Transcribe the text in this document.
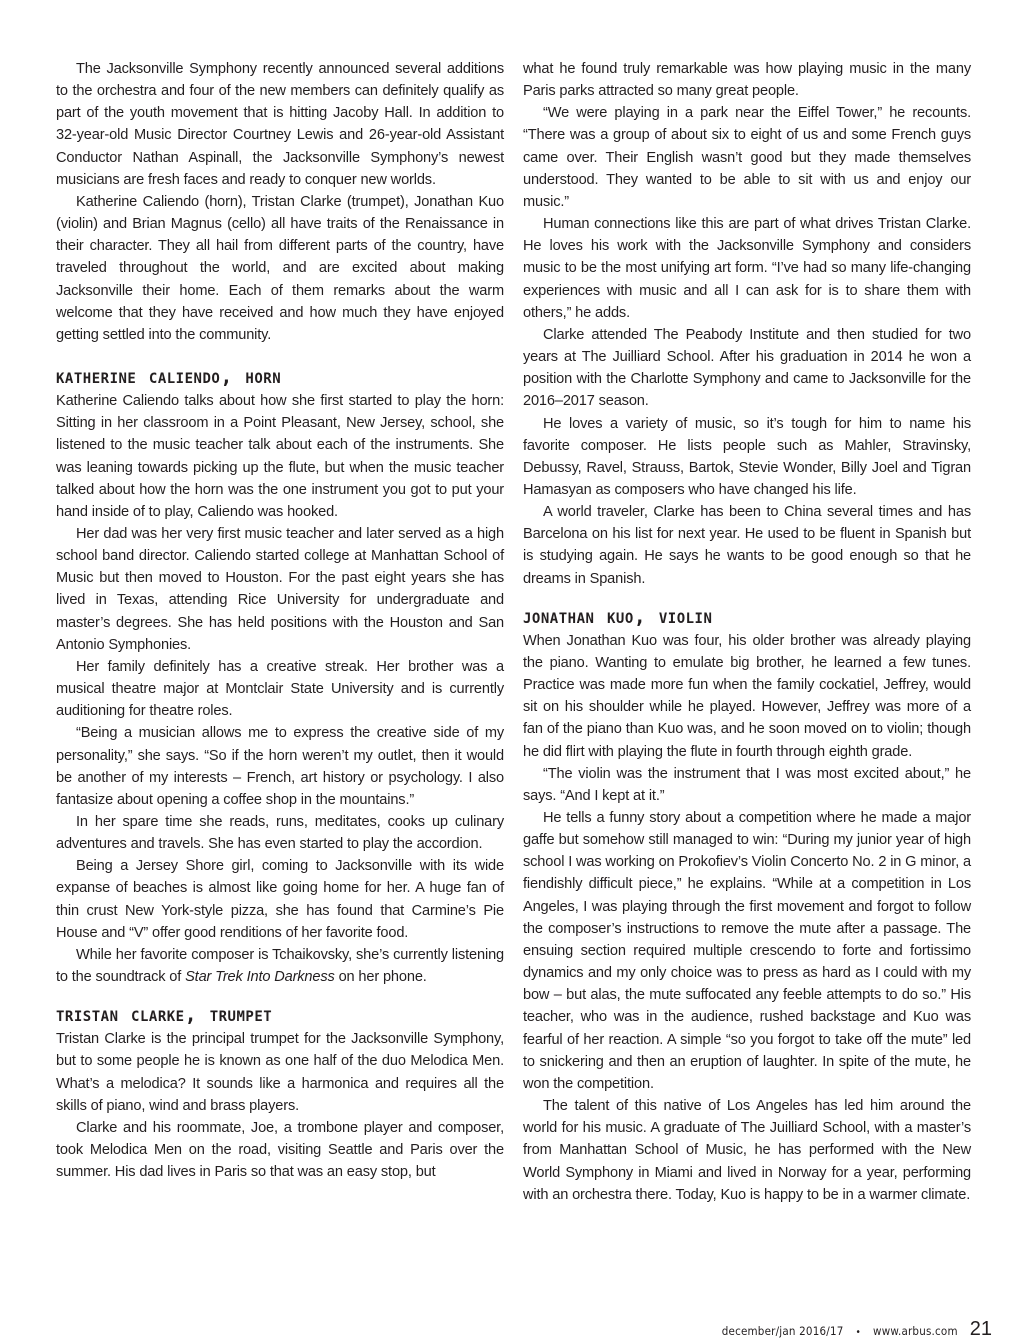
The Jacksonville Symphony recently announced several additions to the orchestra and four of the new members can definitely qualify as part of the youth movement that is hitting Jacoby Hall. In addition to 32-year-old Music Director Courtney Lewis and 26-year-old Assistant Conductor Nathan Aspinall, the Jacksonville Symphony’s newest musicians are fresh faces and ready to conquer new worlds.

Katherine Caliendo (horn), Tristan Clarke (trumpet), Jonathan Kuo (violin) and Brian Magnus (cello) all have traits of the Renaissance in their character. They all hail from different parts of the country, have traveled throughout the world, and are excited about making Jacksonville their home. Each of them remarks about the warm welcome that they have received and how much they have enjoyed getting settled into the community.

katherine caliendo, horn

Katherine Caliendo talks about how she first started to play the horn: Sitting in her classroom in a Point Pleasant, New Jersey, school, she listened to the music teacher talk about each of the instruments. She was leaning towards picking up the flute, but when the music teacher talked about how the horn was the one instrument you got to put your hand inside of to play, Caliendo was hooked.

Her dad was her very first music teacher and later served as a high school band director. Caliendo started college at Manhattan School of Music but then moved to Houston. For the past eight years she has lived in Texas, attending Rice University for undergraduate and master’s degrees. She has held positions with the Houston and San Antonio Symphonies.

Her family definitely has a creative streak. Her brother was a musical theatre major at Montclair State University and is currently auditioning for theatre roles.

“Being a musician allows me to express the creative side of my personality,” she says. “So if the horn weren’t my outlet, then it would be another of my interests – French, art history or psychology. I also fantasize about opening a coffee shop in the mountains.”

In her spare time she reads, runs, meditates, cooks up culinary adventures and travels. She has even started to play the accordion.

Being a Jersey Shore girl, coming to Jacksonville with its wide expanse of beaches is almost like going home for her. A huge fan of thin crust New York-style pizza, she has found that Carmine’s Pie House and “V” offer good renditions of her favorite food.

While her favorite composer is Tchaikovsky, she’s currently listening to the soundtrack of Star Trek Into Darkness on her phone.

tristan clarke, trumpet

Tristan Clarke is the principal trumpet for the Jacksonville Symphony, but to some people he is known as one half of the duo Melodica Men. What’s a melodica? It sounds like a harmonica and requires all the skills of piano, wind and brass players.

Clarke and his roommate, Joe, a trombone player and composer, took Melodica Men on the road, visiting Seattle and Paris over the summer. His dad lives in Paris so that was an easy stop, but

what he found truly remarkable was how playing music in the many Paris parks attracted so many great people.

“We were playing in a park near the Eiffel Tower,” he recounts. “There was a group of about six to eight of us and some French guys came over. Their English wasn’t good but they made themselves understood. They wanted to be able to sit with us and enjoy our music.”

Human connections like this are part of what drives Tristan Clarke. He loves his work with the Jacksonville Symphony and considers music to be the most unifying art form. “I’ve had so many life-changing experiences with music and all I can ask for is to share them with others,” he adds.

Clarke attended The Peabody Institute and then studied for two years at The Juilliard School. After his graduation in 2014 he won a position with the Charlotte Symphony and came to Jacksonville for the 2016–2017 season.

He loves a variety of music, so it’s tough for him to name his favorite composer. He lists people such as Mahler, Stravinsky, Debussy, Ravel, Strauss, Bartok, Stevie Wonder, Billy Joel and Tigran Hamasyan as composers who have changed his life.

A world traveler, Clarke has been to China several times and has Barcelona on his list for next year. He used to be fluent in Spanish but is studying again. He says he wants to be good enough so that he dreams in Spanish.

jonathan kuo, violin

When Jonathan Kuo was four, his older brother was already playing the piano. Wanting to emulate big brother, he learned a few tunes. Practice was made more fun when the family cockatiel, Jeffrey, would sit on his shoulder while he played. However, Jeffrey was more of a fan of the piano than Kuo was, and he soon moved on to violin; though he did flirt with playing the flute in fourth through eighth grade.

“The violin was the instrument that I was most excited about,” he says. “And I kept at it.”

He tells a funny story about a competition where he made a major gaffe but somehow still managed to win: “During my junior year of high school I was working on Prokofiev’s Violin Concerto No. 2 in G minor, a fiendishly difficult piece,” he explains. “While at a competition in Los Angeles, I was playing through the first movement and forgot to follow the composer’s instructions to remove the mute after a passage. The ensuing section required multiple crescendo to forte and fortissimo dynamics and my only choice was to press as hard as I could with my bow – but alas, the mute suffocated any feeble attempts to do so.” His teacher, who was in the audience, rushed backstage and Kuo was fearful of her reaction. A simple “so you forgot to take off the mute” led to snickering and then an eruption of laughter. In spite of the mute, he won the competition.

The talent of this native of Los Angeles has led him around the world for his music. A graduate of The Juilliard School, with a master’s from Manhattan School of Music, he has performed with the New World Symphony in Miami and lived in Norway for a year, performing with an orchestra there. Today, Kuo is happy to be in a warmer climate.

december/jan 2016/17 • www.arbus.com 21
